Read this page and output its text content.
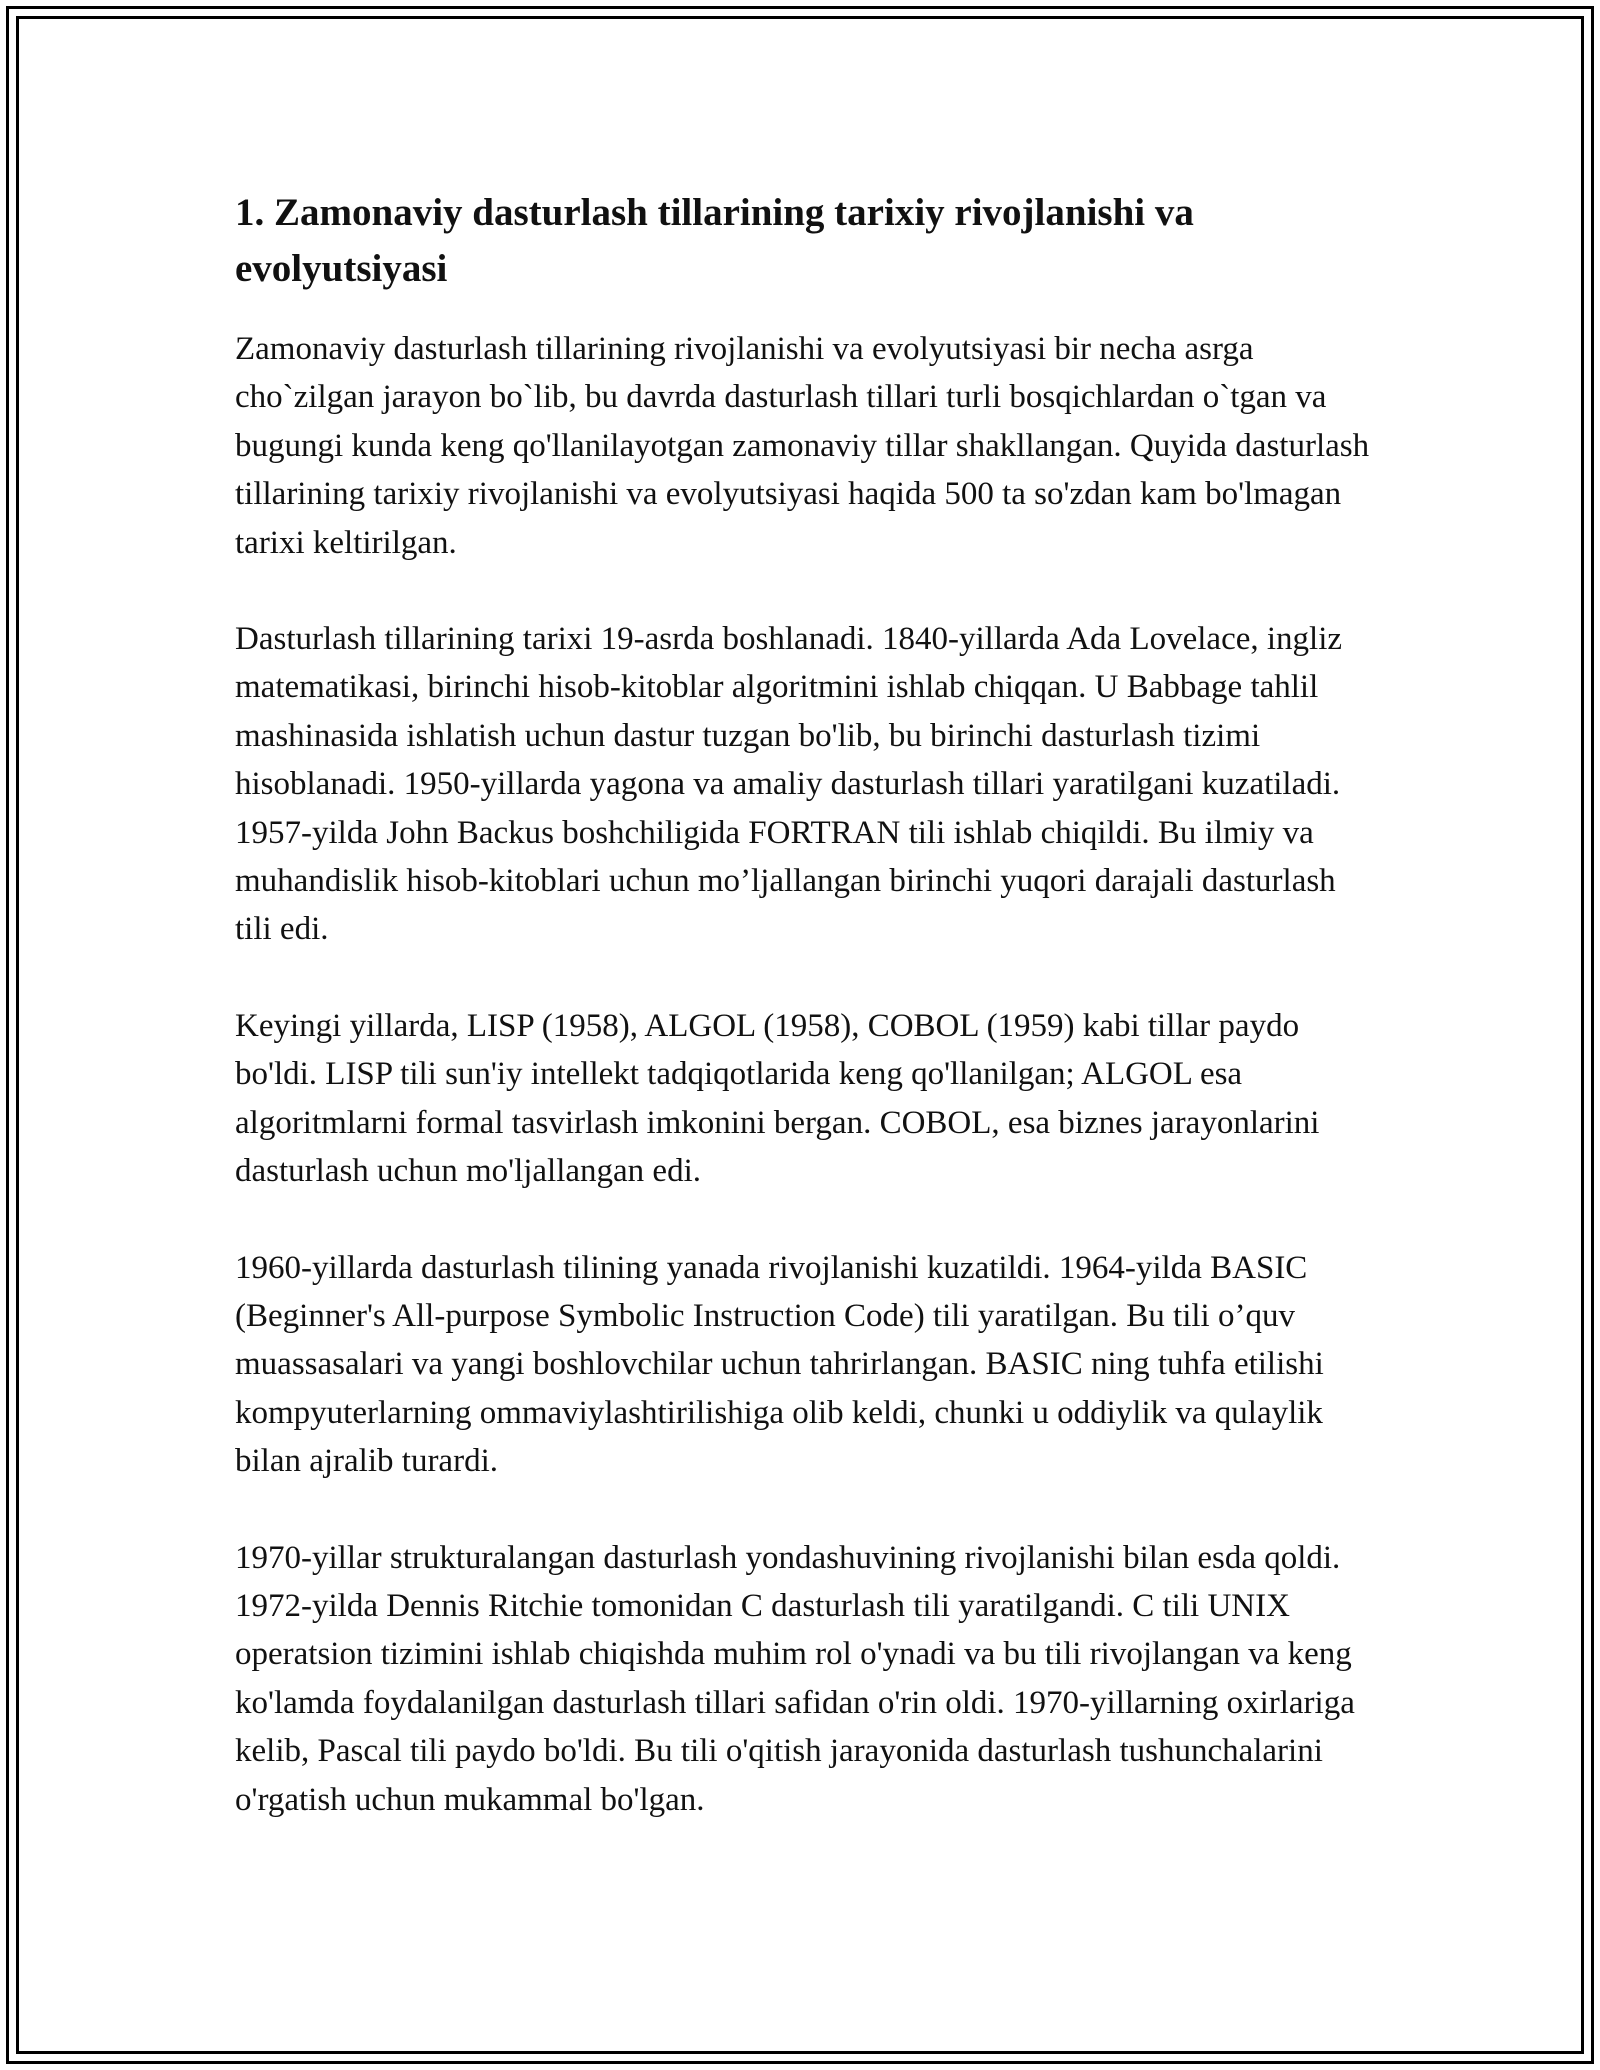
1. Zamonaviy dasturlash tillarining tarixiy rivojlanishi va evolyutsiyasi

Zamonaviy dasturlash tillarining rivojlanishi va evolyutsiyasi bir necha asrga cho`zilgan jarayon bo`lib, bu davrda dasturlash tillari turli bosqichlardan o`tgan va bugungi kunda keng qo'llanilayotgan zamonaviy tillar shakllangan. Quyida dasturlash tillarining tarixiy rivojlanishi va evolyutsiyasi haqida 500 ta so'zdan kam bo'lmagan tarixi keltirilgan.

Dasturlash tillarining tarixi 19-asrda boshlanadi. 1840-yillarda Ada Lovelace, ingliz matematikasi, birinchi hisob-kitoblar algoritmini ishlab chiqqan. U Babbage tahlil mashinasida ishlatish uchun dastur tuzgan bo'lib, bu birinchi dasturlash tizimi hisoblanadi. 1950-yillarda yagona va amaliy dasturlash tillari yaratilgani kuzatiladi. 1957-yilda John Backus boshchiligida FORTRAN tili ishlab chiqildi. Bu ilmiy va muhandislik hisob-kitoblari uchun mo’ljallangan birinchi yuqori darajali dasturlash tili edi.

Keyingi yillarda, LISP (1958), ALGOL (1958), COBOL (1959) kabi tillar paydo bo'ldi. LISP tili sun'iy intellekt tadqiqotlarida keng qo'llanilgan; ALGOL esa algoritmlarni formal tasvirlash imkonini bergan. COBOL, esa biznes jarayonlarini dasturlash uchun mo'ljallangan edi.

1960-yillarda dasturlash tilining yanada rivojlanishi kuzatildi. 1964-yilda BASIC (Beginner's All-purpose Symbolic Instruction Code) tili yaratilgan. Bu tili o’quv muassasalari va yangi boshlovchilar uchun tahrirlangan. BASIC ning tuhfa etilishi kompyuterlarning ommaviylashtirilishiga olib keldi, chunki u oddiylik va qulaylik bilan ajralib turardi.

1970-yillar strukturalangan dasturlash yondashuvining rivojlanishi bilan esda qoldi. 1972-yilda Dennis Ritchie tomonidan C dasturlash tili yaratilgandi. C tili UNIX operatsion tizimini ishlab chiqishda muhim rol o'ynadi va bu tili rivojlangan va keng ko'lamda foydalanilgan dasturlash tillari safidan o'rin oldi. 1970-yillarning oxirlariga kelib, Pascal tili paydo bo'ldi. Bu tili o'qitish jarayonida dasturlash tushunchalarini o'rgatish uchun mukammal bo'lgan.
